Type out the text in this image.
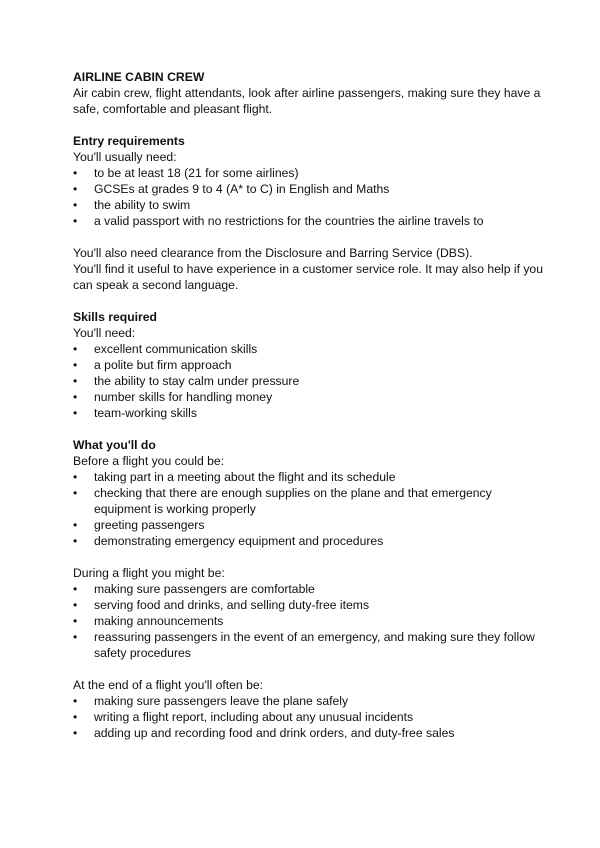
AIRLINE CABIN CREW

Air cabin crew, flight attendants, look after airline passengers, making sure they have a safe, comfortable and pleasant flight.

Entry requirements

You'll usually need:

• to be at least 18 (21 for some airlines)
• GCSEs at grades 9 to 4 (A* to C) in English and Maths
• the ability to swim
• a valid passport with no restrictions for the countries the airline travels to

You'll also need clearance from the Disclosure and Barring Service (DBS).

You'll find it useful to have experience in a customer service role. It may also help if you can speak a second language.

Skills required

You'll need:

• excellent communication skills
• a polite but firm approach
• the ability to stay calm under pressure
• number skills for handling money
• team-working skills

What you'll do

Before a flight you could be:

• taking part in a meeting about the flight and its schedule
• checking that there are enough supplies on the plane and that emergency equipment is working properly
• greeting passengers
• demonstrating emergency equipment and procedures

During a flight you might be:

• making sure passengers are comfortable
• serving food and drinks, and selling duty-free items
• making announcements
• reassuring passengers in the event of an emergency, and making sure they follow safety procedures

At the end of a flight you'll often be:

• making sure passengers leave the plane safely
• writing a flight report, including about any unusual incidents
• adding up and recording food and drink orders, and duty-free sales
